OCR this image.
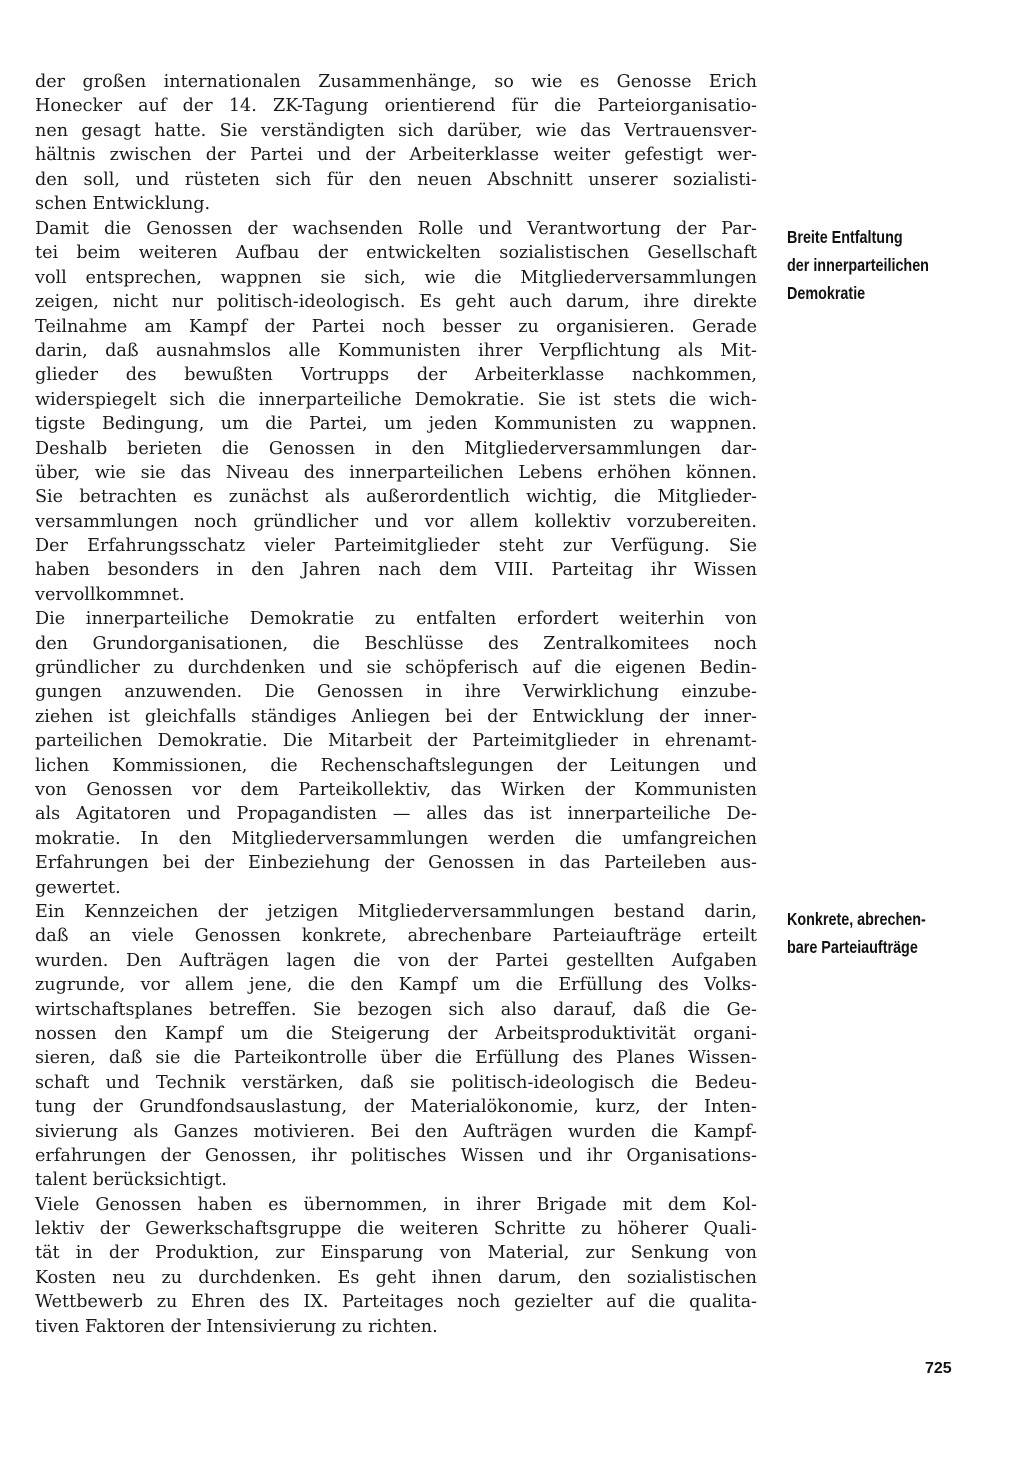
der großen internationalen Zusammenhänge, so wie es Genosse Erich
Honecker auf der 14. ZK-Tagung orientierend für die Parteiorganisatio-
nen gesagt hatte. Sie verständigten sich darüber, wie das Vertrauensver-
hältnis zwischen der Partei und der Arbeiterklasse weiter gefestigt wer-
den soll, und rüsteten sich für den neuen Abschnitt unserer sozialisti-
schen Entwicklung.

Damit die Genossen der wachsenden Rolle und Verantwortung der Par-
tei beim weiteren Aufbau der entwickelten sozialistischen Gesellschaft
voll entsprechen, wappnen sie sich, wie die Mitgliederversammlungen
zeigen, nicht nur politisch-ideologisch. Es geht auch darum, ihre direkte
Teilnahme am Kampf der Partei noch besser zu organisieren. Gerade
darin, daß ausnahmslos alle Kommunisten ihrer Verpflichtung als Mit-
glieder des bewußten Vortrupps der Arbeiterklasse nachkommen,
widerspiegelt sich die innerparteiliche Demokratie. Sie ist stets die wich-
tigste Bedingung, um die Partei, um jeden Kommunisten zu wappnen.
Deshalb berieten die Genossen in den Mitgliederversammlungen dar-
über, wie sie das Niveau des innerparteilichen Lebens erhöhen können.
Sie betrachten es zunächst als außerordentlich wichtig, die Mitglieder-
versammlungen noch gründlicher und vor allem kollektiv vorzubereiten.
Der Erfahrungsschatz vieler Parteimitglieder steht zur Verfügung. Sie
haben besonders in den Jahren nach dem VIII. Parteitag ihr Wissen
vervollkommnet.

Die innerparteiliche Demokratie zu entfalten erfordert weiterhin von
den Grundorganisationen, die Beschlüsse des Zentralkomitees noch
gründlicher zu durchdenken und sie schöpferisch auf die eigenen Bedin-
gungen anzuwenden. Die Genossen in ihre Verwirklichung einzube-
ziehen ist gleichfalls ständiges Anliegen bei der Entwicklung der inner-
parteilichen Demokratie. Die Mitarbeit der Parteimitglieder in ehrenamt-
lichen Kommissionen, die Rechenschaftslegungen der Leitungen und
von Genossen vor dem Parteikollektiv, das Wirken der Kommunisten
als Agitatoren und Propagandisten — alles das ist innerparteiliche De-
mokratie. In den Mitgliederversammlungen werden die umfangreichen
Erfahrungen bei der Einbeziehung der Genossen in das Parteileben aus-
gewertet.

Ein Kennzeichen der jetzigen Mitgliederversammlungen bestand darin,
daß an viele Genossen konkrete, abrechenbare Parteiaufträge erteilt
wurden. Den Aufträgen lagen die von der Partei gestellten Aufgaben
zugrunde, vor allem jene, die den Kampf um die Erfüllung des Volks-
wirtschaftsplanes betreffen. Sie bezogen sich also darauf, daß die Ge-
nossen den Kampf um die Steigerung der Arbeitsproduktivität organi-
sieren, daß sie die Parteikontrolle über die Erfüllung des Planes Wissen-
schaft und Technik verstärken, daß sie politisch-ideologisch die Bedeu-
tung der Grundfondsauslastung, der Materialökonomie, kurz, der Inten-
sivierung als Ganzes motivieren. Bei den Aufträgen wurden die Kampf-
erfahrungen der Genossen, ihr politisches Wissen und ihr Organisations-
talent berücksichtigt.

Viele Genossen haben es übernommen, in ihrer Brigade mit dem Kol-
lektiv der Gewerkschaftsgruppe die weiteren Schritte zu höherer Quali-
tät in der Produktion, zur Einsparung von Material, zur Senkung von
Kosten neu zu durchdenken. Es geht ihnen darum, den sozialistischen
Wettbewerb zu Ehren des IX. Parteitages noch gezielter auf die qualita-
tiven Faktoren der Intensivierung zu richten.

Breite Entfaltung
der innerparteilichen
Demokratie
Konkrete, abrechen-
bare Parteiaufträge
725
